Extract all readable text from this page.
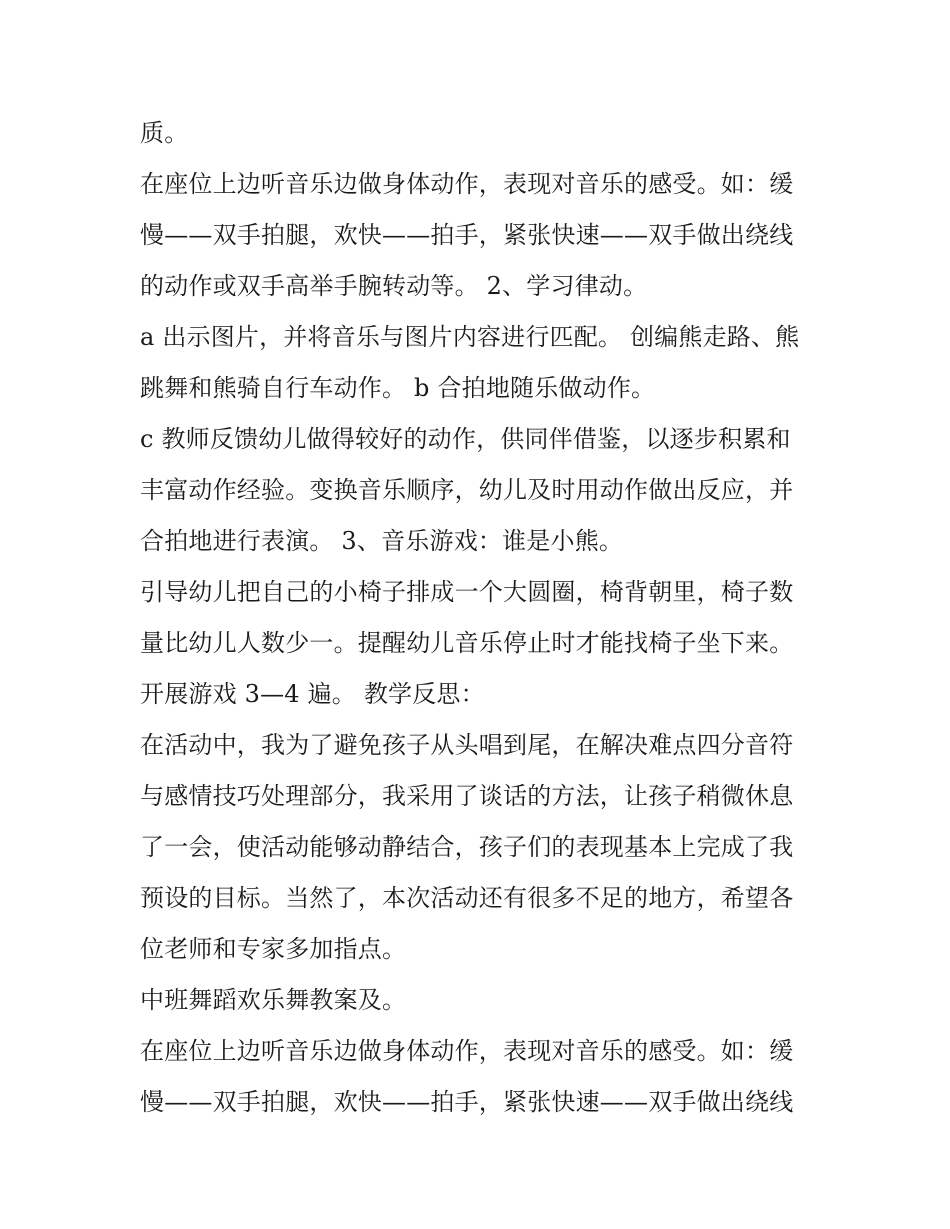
质。

在座位上边听音乐边做身体动作，表现对音乐的感受。如：缓

慢——双手拍腿，欢快——拍手，紧张快速——双手做出绕线

的动作或双手高举手腕转动等。 2、学习律动。

a 出示图片，并将音乐与图片内容进行匹配。 创编熊走路、熊

跳舞和熊骑自行车动作。 b 合拍地随乐做动作。

c 教师反馈幼儿做得较好的动作，供同伴借鉴，以逐步积累和

丰富动作经验。变换音乐顺序，幼儿及时用动作做出反应，并

合拍地进行表演。 3、音乐游戏：谁是小熊。

引导幼儿把自己的小椅子排成一个大圆圈，椅背朝里，椅子数

量比幼儿人数少一。提醒幼儿音乐停止时才能找椅子坐下来。

开展游戏 3—4 遍。 教学反思：

在活动中，我为了避免孩子从头唱到尾，在解决难点四分音符

与感情技巧处理部分，我采用了谈话的方法，让孩子稍微休息

了一会，使活动能够动静结合，孩子们的表现基本上完成了我

预设的目标。当然了，本次活动还有很多不足的地方，希望各

位老师和专家多加指点。

中班舞蹈欢乐舞教案及。

在座位上边听音乐边做身体动作，表现对音乐的感受。如：缓

慢——双手拍腿，欢快——拍手，紧张快速——双手做出绕线
